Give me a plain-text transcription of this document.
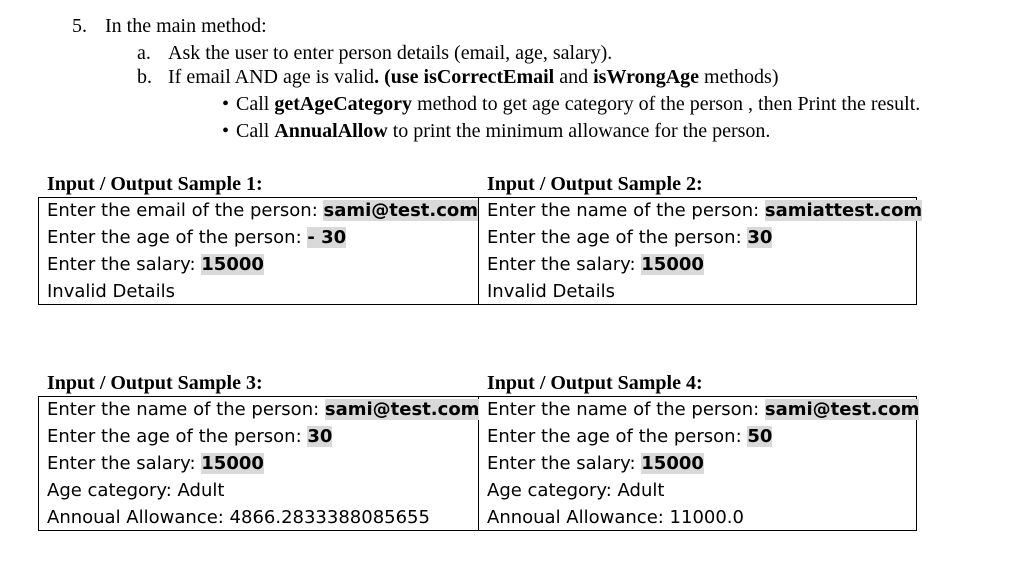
5. In the main method:
a. Ask the user to enter person details (email, age, salary).
b. If email AND age is valid. (use isCorrectEmail and isWrongAge methods)
• Call getAgeCategory method to get age category of the person , then Print the result.
• Call AnnualAllow to print the minimum allowance for the person.
Input / Output Sample 1:	Input / Output Sample 2:
Input / Output Sample 3:	Input / Output Sample 4:
Enter the email of the person: sami@test.com
Enter the age of the person: - 30
Enter the salary: 15000
Invalid Details
Enter the name of the person: samiattest.com
Enter the age of the person: 30
Enter the salary: 15000
Invalid Details
Enter the name of the person: sami@test.com
Enter the age of the person: 30
Enter the salary: 15000
Age category: Adult
Annoual Allowance: 4866.2833388085655
Enter the name of the person: sami@test.com
Enter the age of the person: 50
Enter the salary: 15000
Age category: Adult
Annoual Allowance: 11000.0
